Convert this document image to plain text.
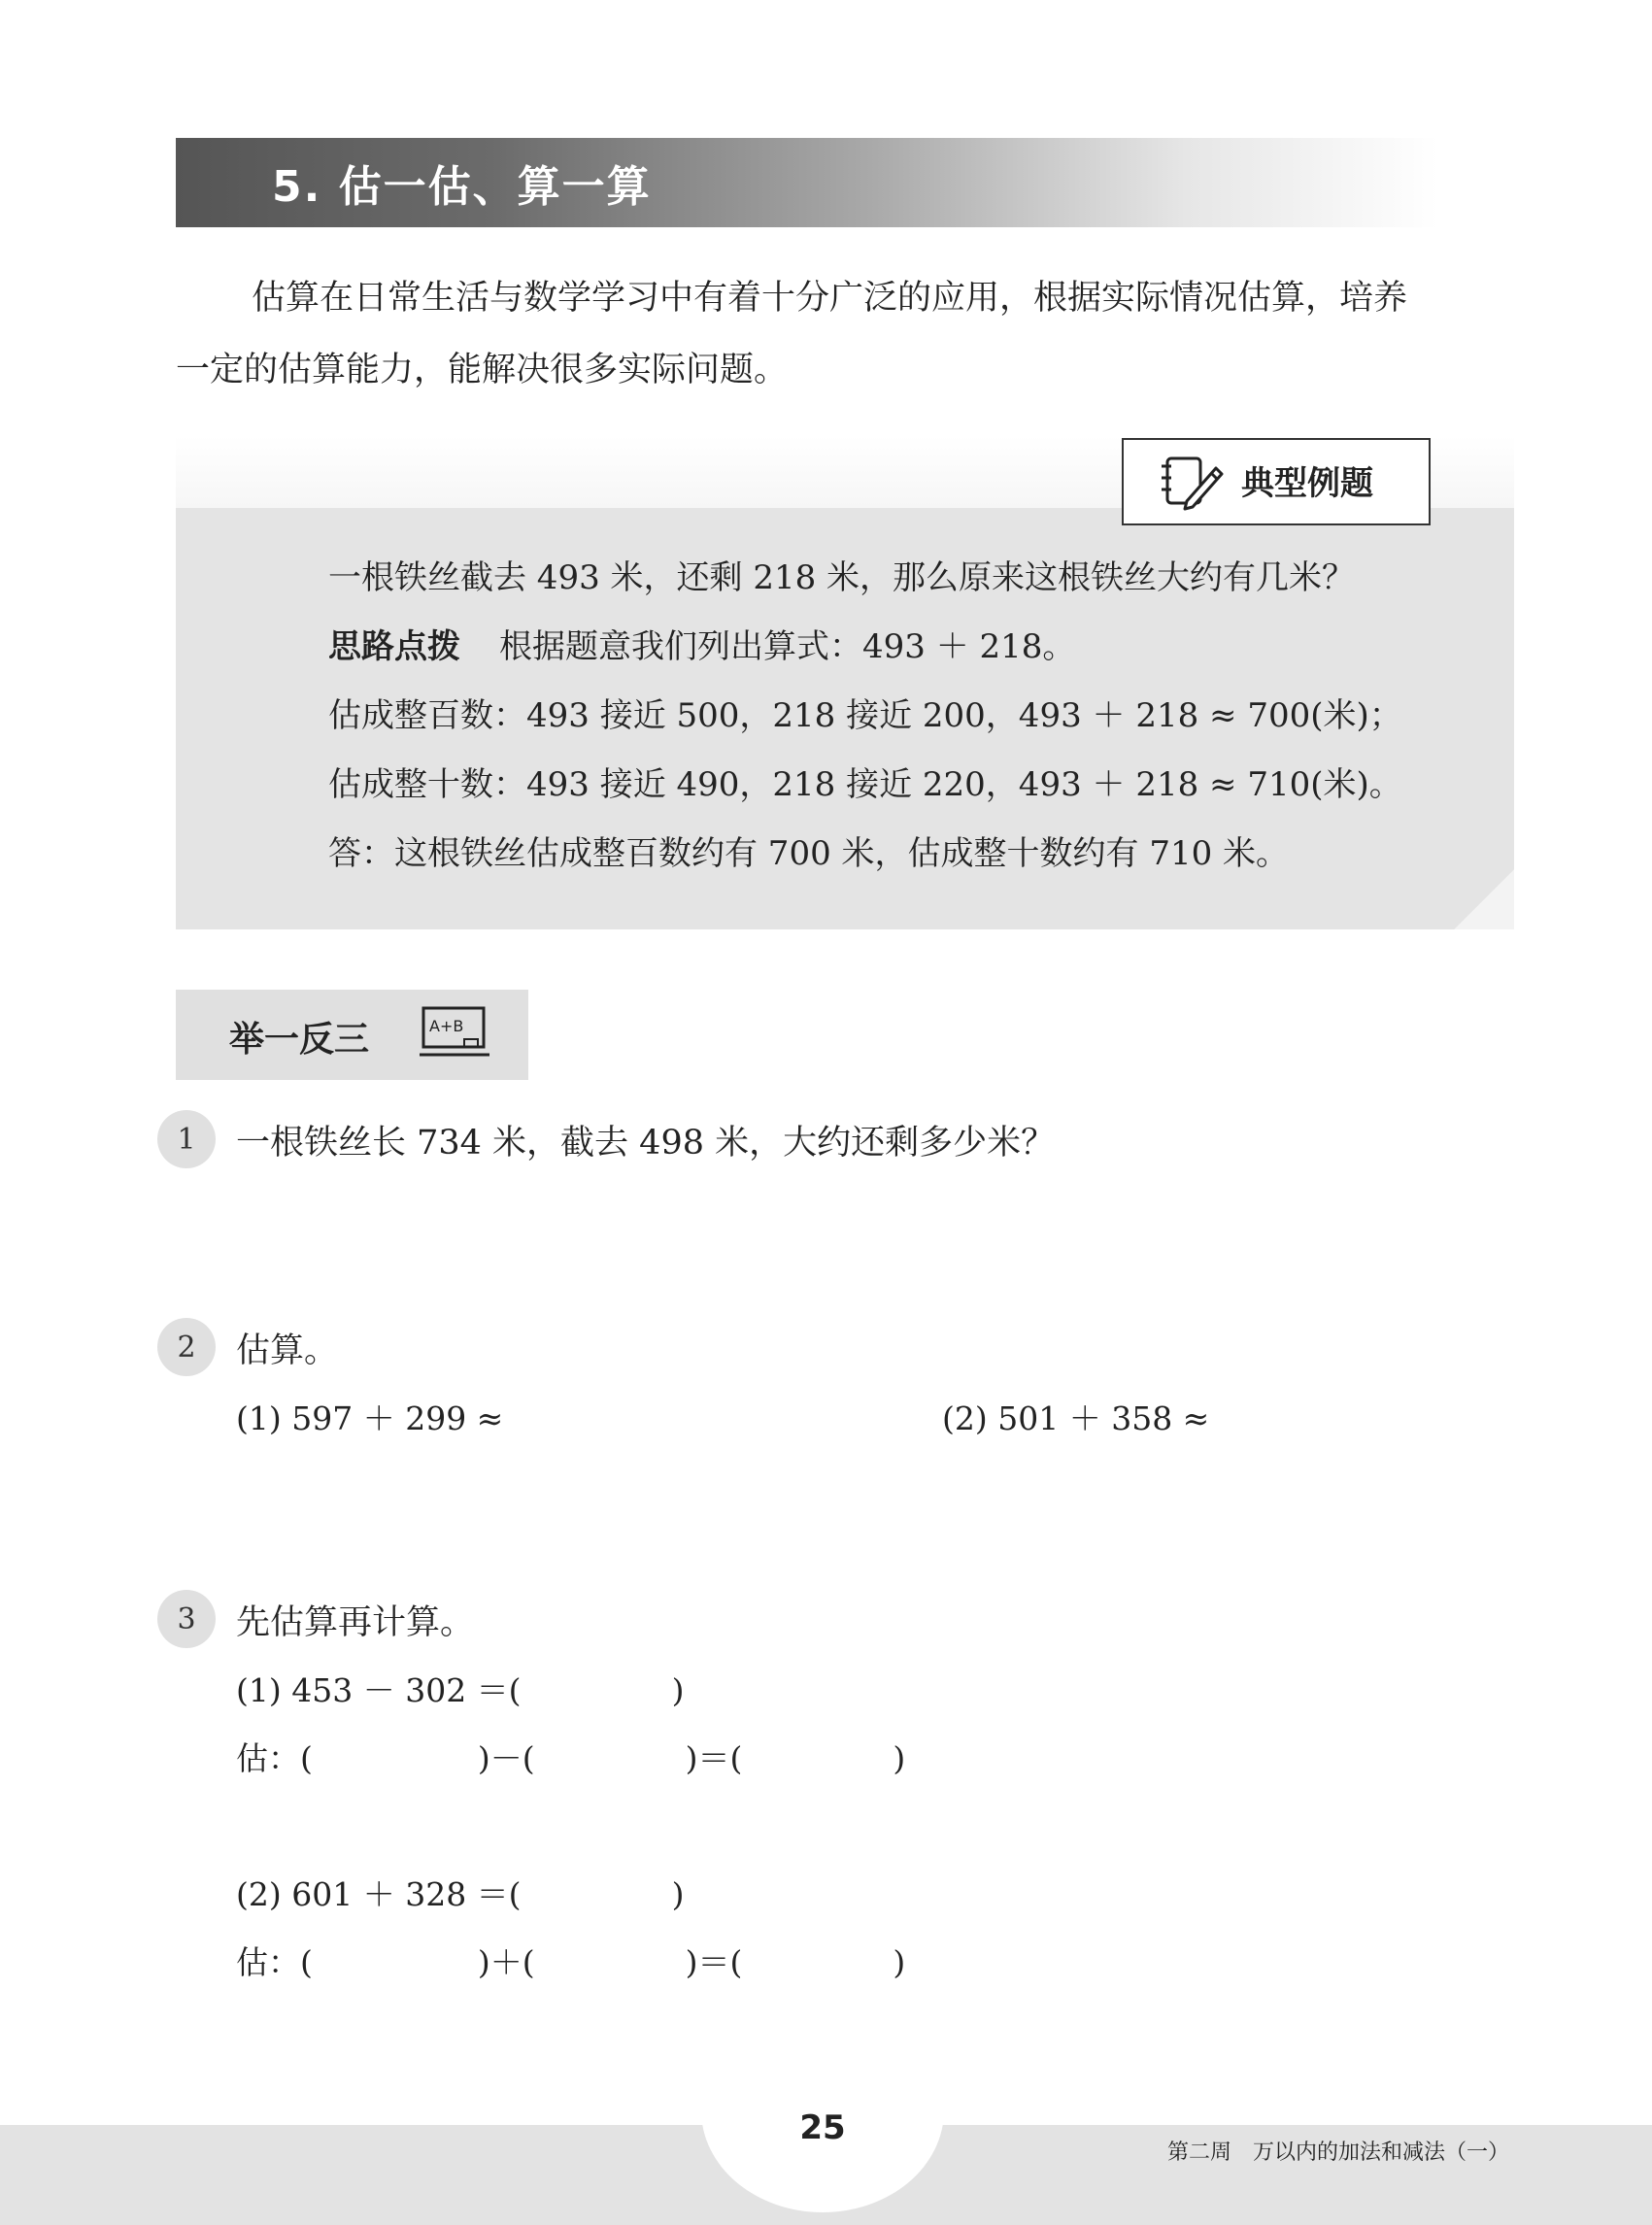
5. 估一估、算一算

估算在日常生活与数学学习中有着十分广泛的应用，根据实际情况估算，培养

一定的估算能力，能解决很多实际问题。

典型例题
一根铁丝截去 493 米，还剩 218 米，那么原来这根铁丝大约有几米？
思路点拨 根据题意我们列出算式：493 ＋ 218。
估成整百数：493 接近 500，218 接近 200，493 ＋ 218 ≈ 700(米)；
估成整十数：493 接近 490，218 接近 220，493 ＋ 218 ≈ 710(米)。
答：这根铁丝估成整百数约有 700 米，估成整十数约有 710 米。
举一反三	A+B
1	一根铁丝长 734 米，截去 498 米，大约还剩多少米？
2	估算。
(1) 597 ＋ 299 ≈	(2) 501 ＋ 358 ≈
3	先估算再计算。
(1) 453 － 302 ＝(	)
估：(	)－(	)＝(	)
(2) 601 ＋ 328 ＝(	)
估：(	)＋(	)＝(	)
25
第二周　万以内的加法和减法（一）
